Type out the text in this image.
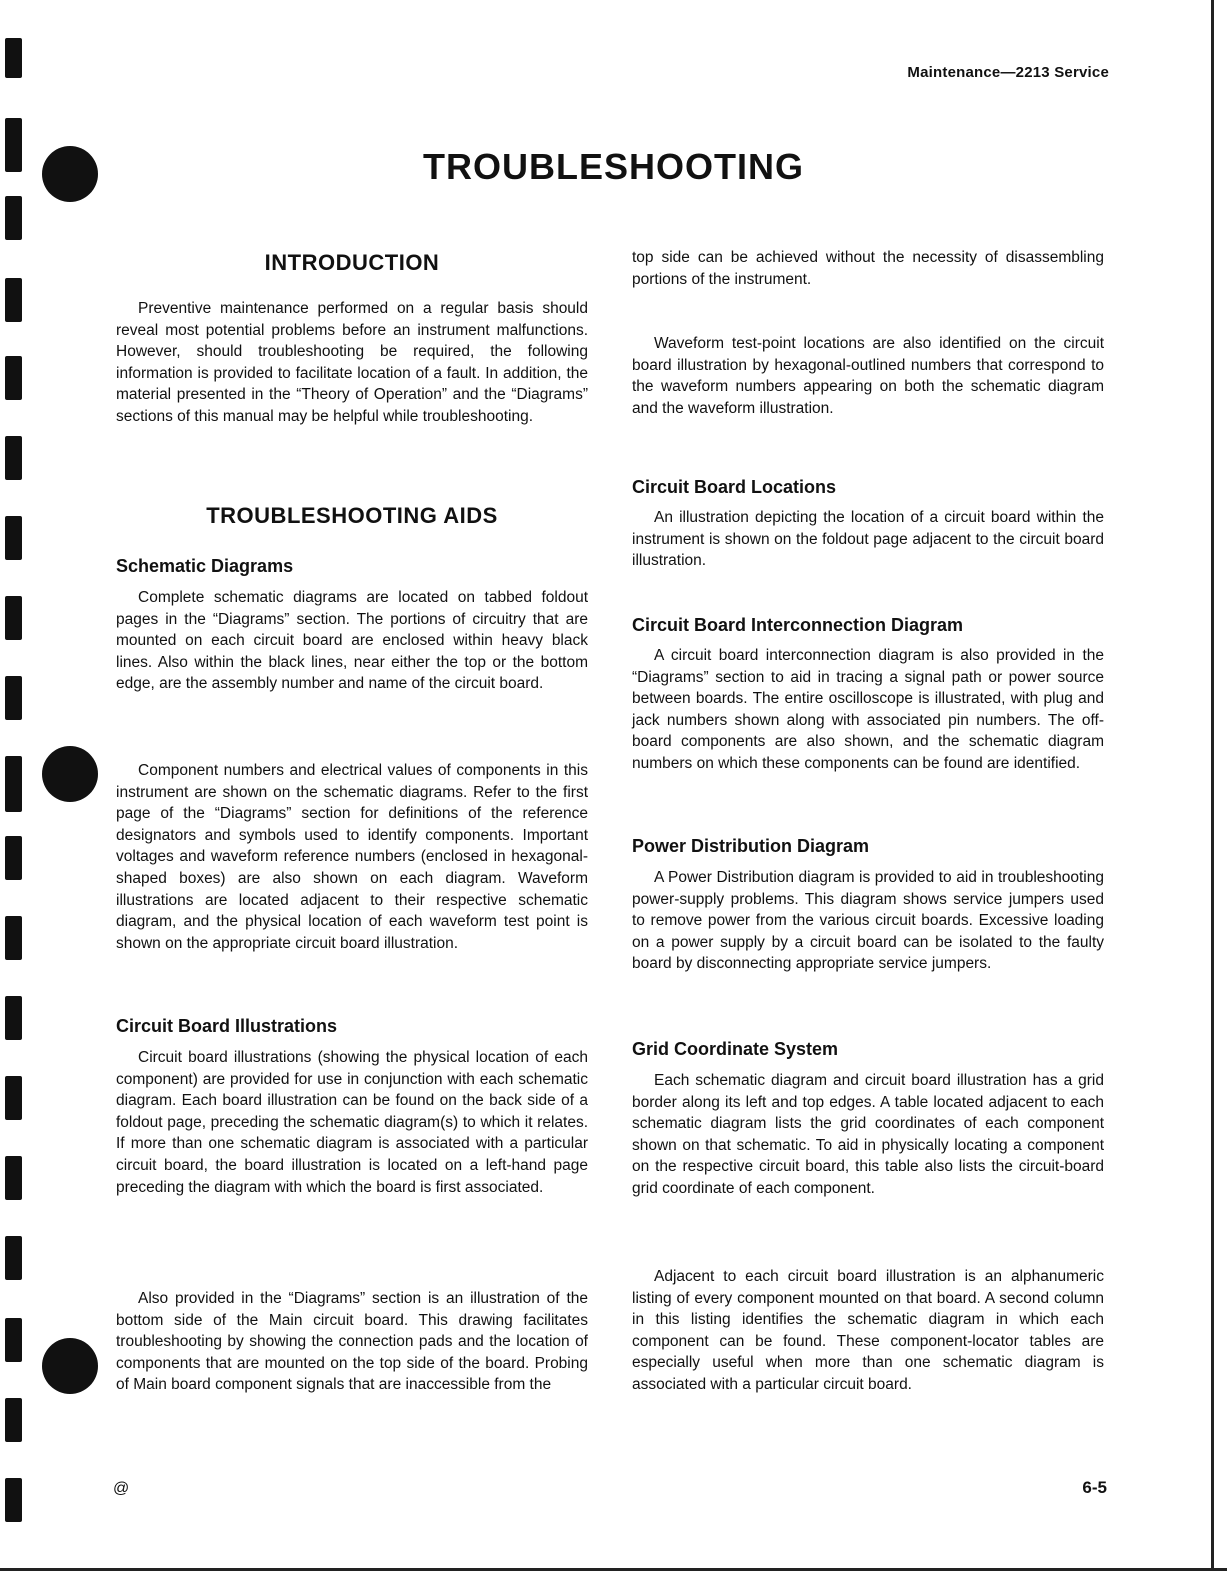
Maintenance—2213 Service
TROUBLESHOOTING
INTRODUCTION

Preventive maintenance performed on a regular basis should reveal most potential problems before an instrument malfunctions. However, should troubleshooting be required, the following information is provided to facilitate location of a fault. In addition, the material presented in the “Theory of Operation” and the “Diagrams” sections of this manual may be helpful while troubleshooting.

TROUBLESHOOTING AIDS
Schematic Diagrams

Complete schematic diagrams are located on tabbed foldout pages in the “Diagrams” section. The portions of circuitry that are mounted on each circuit board are enclosed within heavy black lines. Also within the black lines, near either the top or the bottom edge, are the assembly number and name of the circuit board.

Component numbers and electrical values of components in this instrument are shown on the schematic diagrams. Refer to the first page of the “Diagrams” section for definitions of the reference designators and symbols used to identify components. Important voltages and waveform reference numbers (enclosed in hexagonal-shaped boxes) are also shown on each diagram. Waveform illustrations are located adjacent to their respective schematic diagram, and the physical location of each waveform test point is shown on the appropriate circuit board illustration.

Circuit Board Illustrations

Circuit board illustrations (showing the physical location of each component) are provided for use in conjunction with each schematic diagram. Each board illustration can be found on the back side of a foldout page, preceding the schematic diagram(s) to which it relates. If more than one schematic diagram is associated with a particular circuit board, the board illustration is located on a left-hand page preceding the diagram with which the board is first associated.

Also provided in the “Diagrams” section is an illustration of the bottom side of the Main circuit board. This drawing facilitates troubleshooting by showing the connection pads and the location of components that are mounted on the top side of the board. Probing of Main board component signals that are inaccessible from the

top side can be achieved without the necessity of disassembling portions of the instrument.

Waveform test-point locations are also identified on the circuit board illustration by hexagonal-outlined numbers that correspond to the waveform numbers appearing on both the schematic diagram and the waveform illustration.

Circuit Board Locations

An illustration depicting the location of a circuit board within the instrument is shown on the foldout page adjacent to the circuit board illustration.

Circuit Board Interconnection Diagram

A circuit board interconnection diagram is also provided in the “Diagrams” section to aid in tracing a signal path or power source between boards. The entire oscilloscope is illustrated, with plug and jack numbers shown along with associated pin numbers. The off-board components are also shown, and the schematic diagram numbers on which these components can be found are identified.

Power Distribution Diagram

A Power Distribution diagram is provided to aid in troubleshooting power-supply problems. This diagram shows service jumpers used to remove power from the various circuit boards. Excessive loading on a power supply by a circuit board can be isolated to the faulty board by disconnecting appropriate service jumpers.

Grid Coordinate System

Each schematic diagram and circuit board illustration has a grid border along its left and top edges. A table located adjacent to each schematic diagram lists the grid coordinates of each component shown on that schematic. To aid in physically locating a component on the respective circuit board, this table also lists the circuit-board grid coordinate of each component.

Adjacent to each circuit board illustration is an alphanumeric listing of every component mounted on that board. A second column in this listing identifies the schematic diagram in which each component can be found. These component-locator tables are especially useful when more than one schematic diagram is associated with a particular circuit board.

@	6-5
